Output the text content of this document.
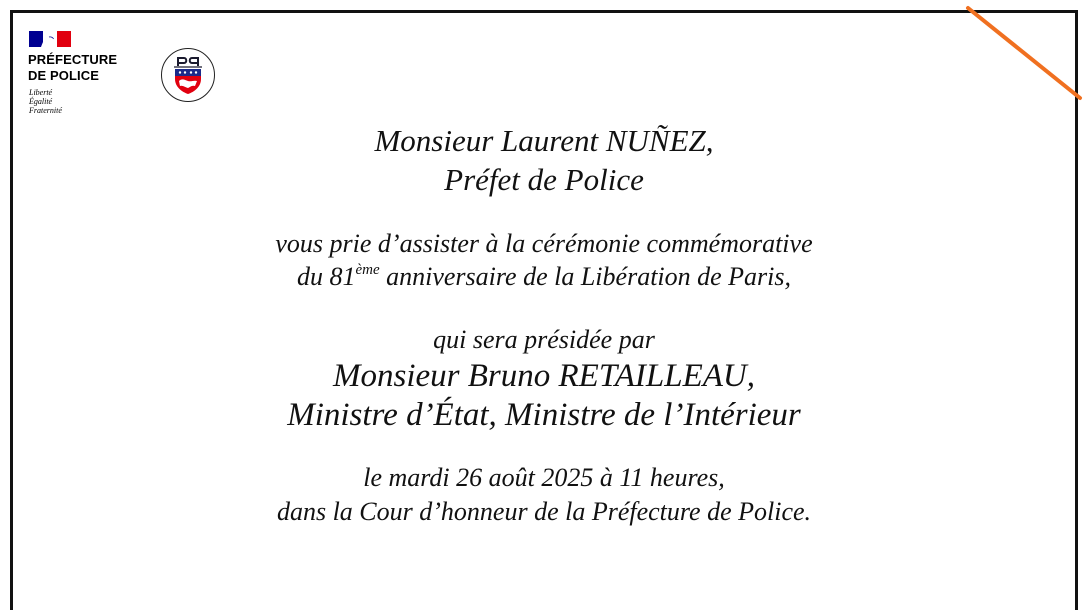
PRÉFECTURE
DE POLICE
Liberté
Égalité
Fraternité
Monsieur Laurent NUÑEZ,
Préfet de Police
vous prie d’assister à la cérémonie commémorative
du 81ème anniversaire de la Libération de Paris,
qui sera présidée par
Monsieur Bruno RETAILLEAU,
Ministre d’État, Ministre de l’Intérieur
le mardi 26 août 2025 à 11 heures,
dans la Cour d’honneur de la Préfecture de Police.
